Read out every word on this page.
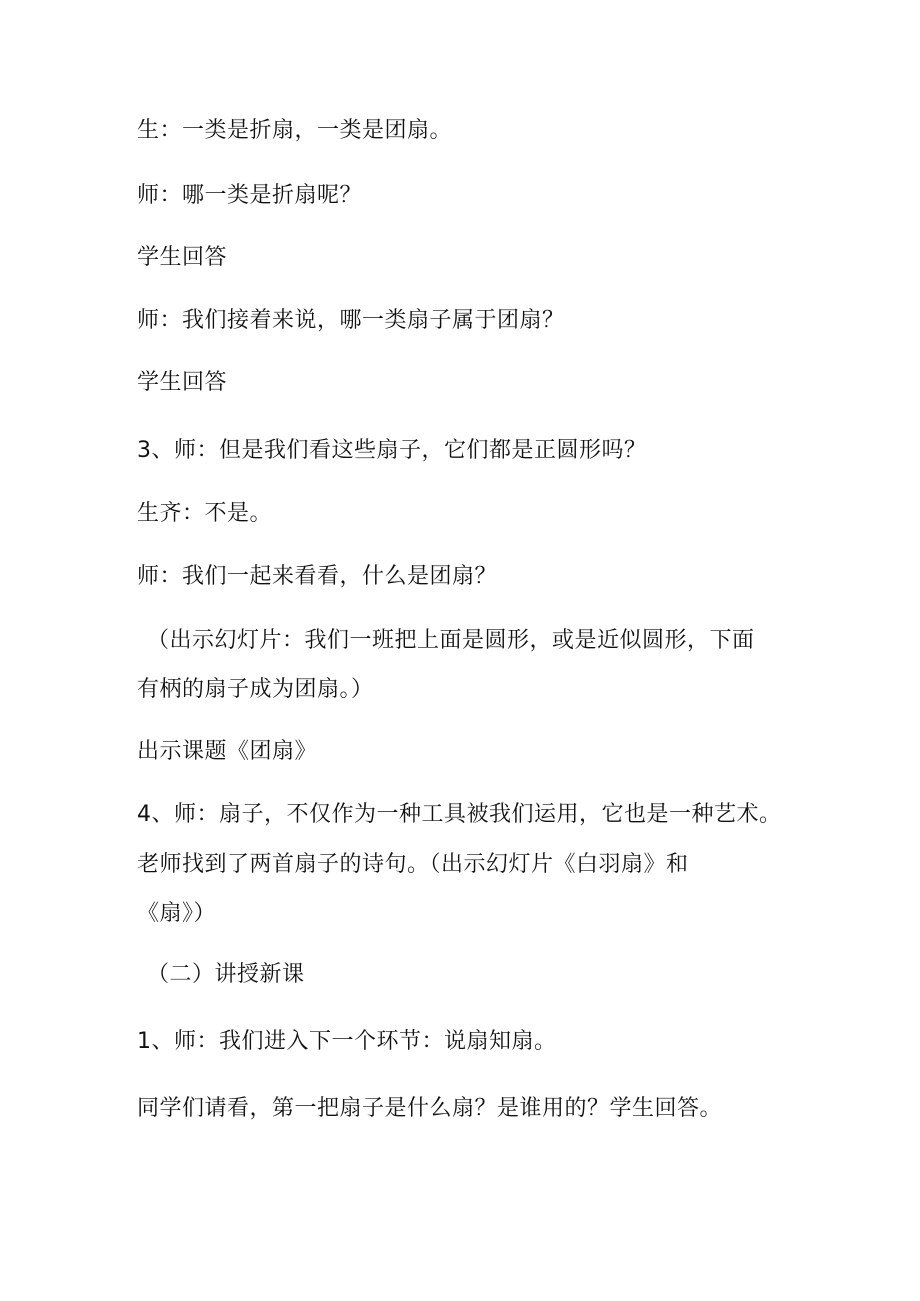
生：一类是折扇，一类是团扇。
师：哪一类是折扇呢？
学生回答
师：我们接着来说，哪一类扇子属于团扇？
学生回答
3、师：但是我们看这些扇子，它们都是正圆形吗？
生齐：不是。
师：我们一起来看看，什么是团扇？
（出示幻灯片：我们一班把上面是圆形，或是近似圆形，下面
有柄的扇子成为团扇。）
出示课题《团扇》
4、师：扇子，不仅作为一种工具被我们运用，它也是一种艺术。
老师找到了两首扇子的诗句。（出示幻灯片《白羽扇》和
《扇》）
（二）讲授新课
1、师：我们进入下一个环节：说扇知扇。
同学们请看，第一把扇子是什么扇？是谁用的？学生回答。
